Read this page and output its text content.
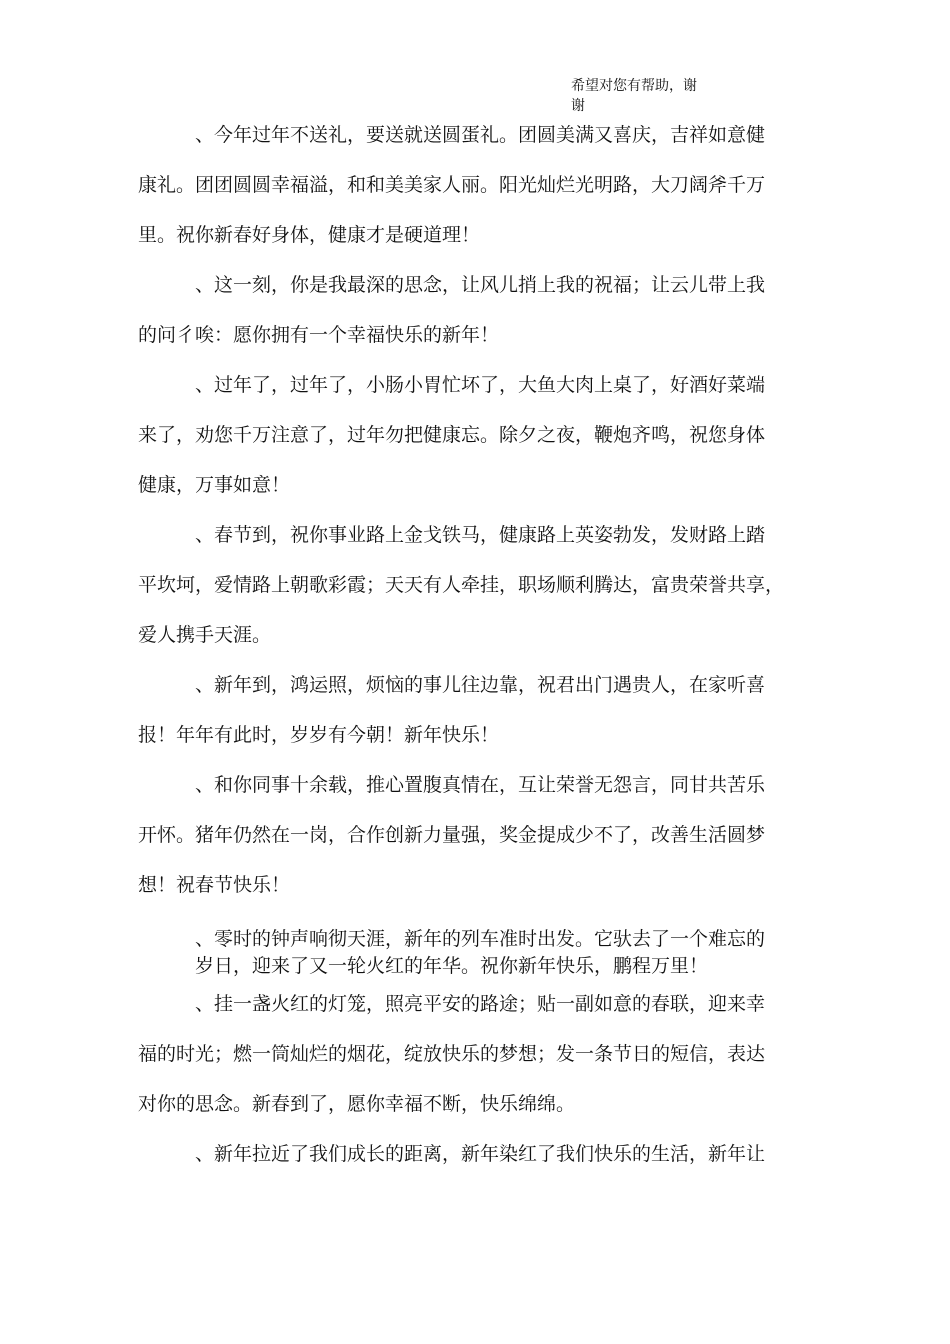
希望对您有帮助，谢
谢
　　　、今年过年不送礼，要送就送圆蛋礼。团圆美满又喜庆，吉祥如意健
康礼。团团圆圆幸福溢，和和美美家人丽。阳光灿烂光明路，大刀阔斧千万
里。祝你新春好身体，健康才是硬道理！
　　　、这一刻，你是我最深的思念，让风儿捎上我的祝福；让云儿带上我
的问彳唉：愿你拥有一个幸福快乐的新年！
　　　、过年了，过年了，小肠小胃忙坏了，大鱼大肉上桌了，好酒好菜端
来了，劝您千万注意了，过年勿把健康忘。除夕之夜，鞭炮齐鸣，祝您身体
健康，万事如意！
　　　、春节到，祝你事业路上金戈铁马，健康路上英姿勃发，发财路上踏
平坎坷，爱情路上朝歌彩霞；天天有人牵挂，职场顺利腾达，富贵荣誉共享，
爱人携手天涯。
　　　、新年到，鸿运照，烦恼的事儿往边靠，祝君出门遇贵人，在家听喜
报！年年有此时，岁岁有今朝！新年快乐！
　　　、和你同事十余载，推心置腹真情在，互让荣誉无怨言，同甘共苦乐
开怀。猪年仍然在一岗，合作创新力量强，奖金提成少不了，改善生活圆梦
想！祝春节快乐！
　　　、零时的钟声响彻天涯，新年的列车准时出发。它驮去了一个难忘的
　　　岁日，迎来了又一轮火红的年华。祝你新年快乐，鹏程万里！
　　　、挂一盏火红的灯笼，照亮平安的路途；贴一副如意的春联，迎来幸
福的时光；燃一筒灿烂的烟花，绽放快乐的梦想；发一条节日的短信，表达
对你的思念。新春到了，愿你幸福不断，快乐绵绵。
　　　、新年拉近了我们成长的距离，新年染红了我们快乐的生活，新年让
